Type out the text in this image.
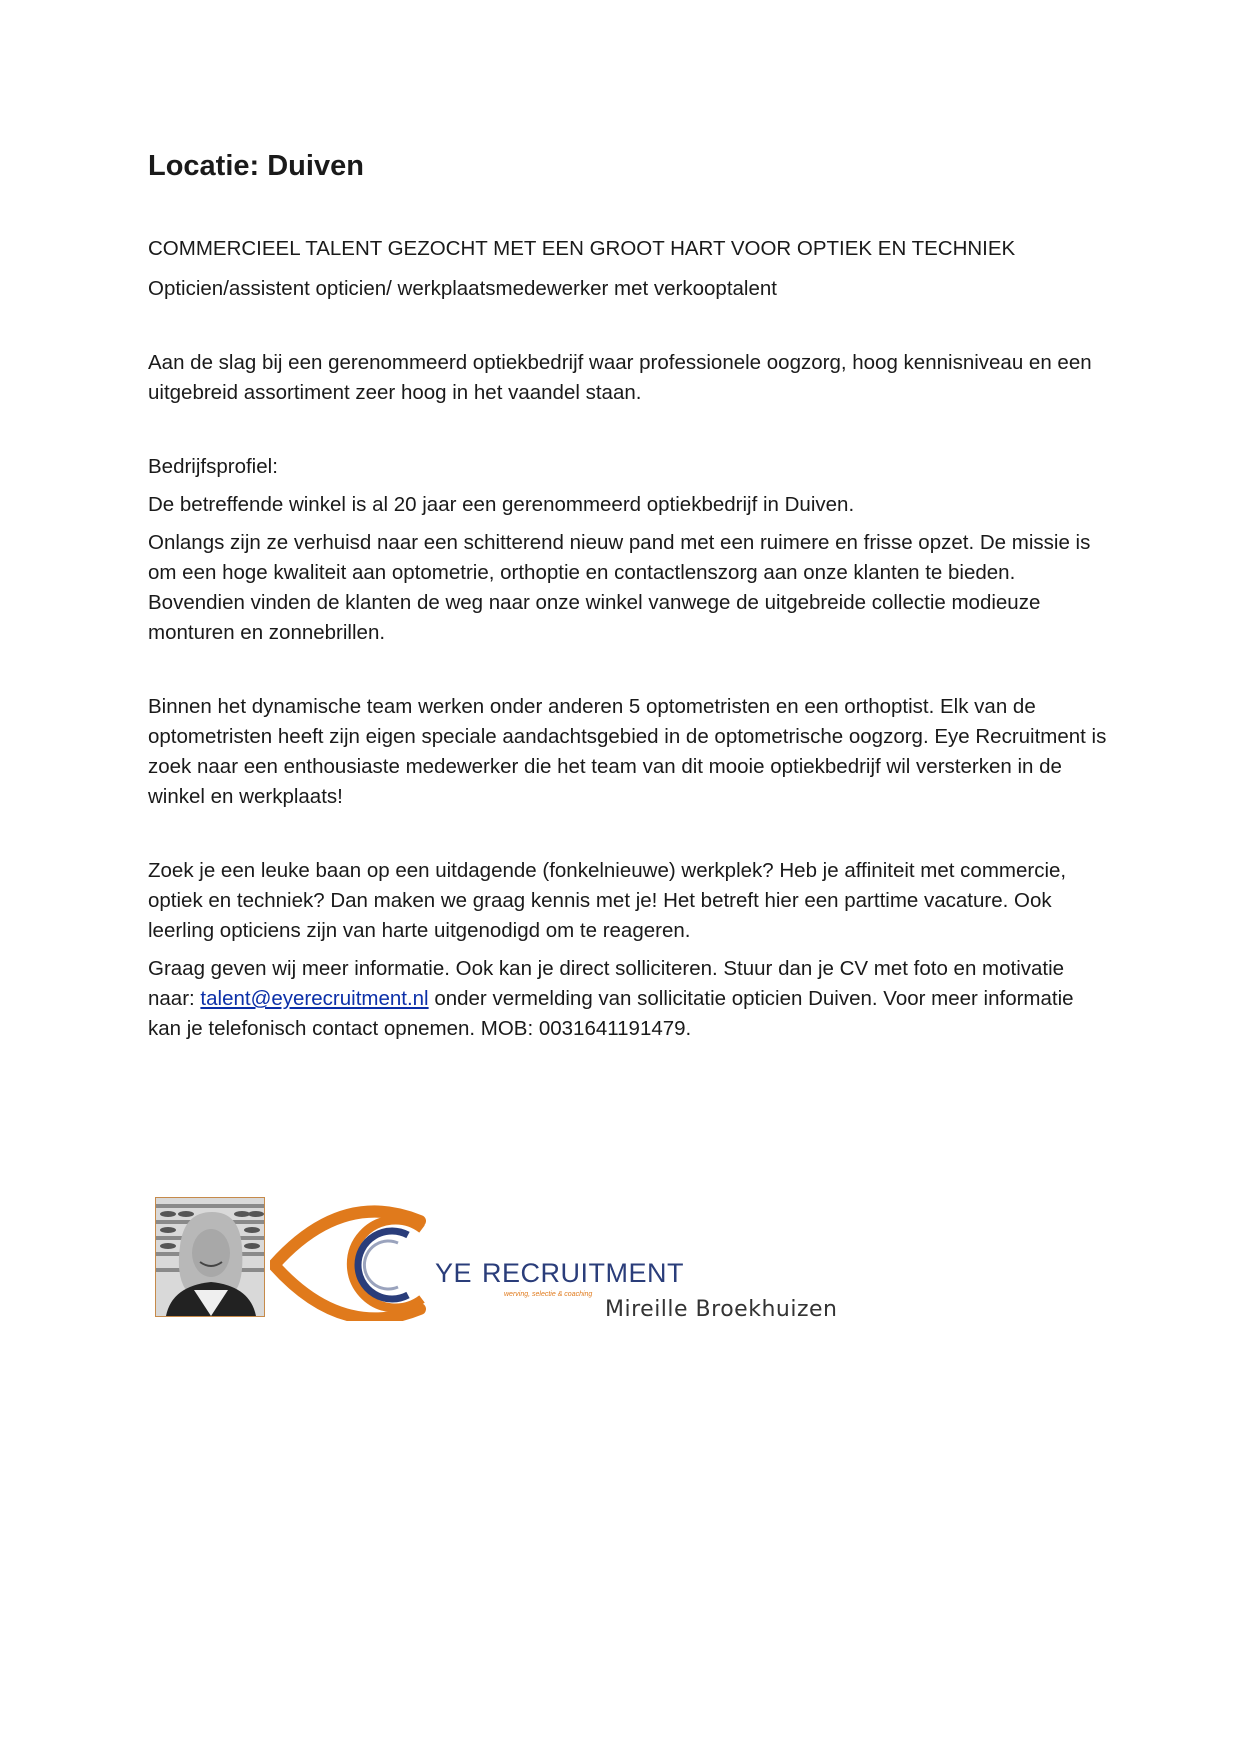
Locatie: Duiven

COMMERCIEEL TALENT GEZOCHT MET EEN GROOT HART VOOR OPTIEK EN TECHNIEK

Opticien/assistent opticien/ werkplaatsmedewerker met verkooptalent

Aan de slag bij een gerenommeerd optiekbedrijf waar professionele oogzorg, hoog kennisniveau en een uitgebreid assortiment zeer hoog in het vaandel staan.

Bedrijfsprofiel:

De betreffende winkel is al 20 jaar een gerenommeerd optiekbedrijf in Duiven.

Onlangs zijn ze verhuisd naar een schitterend nieuw pand met een ruimere en frisse opzet. De missie is om een hoge kwaliteit aan optometrie, orthoptie en contactlenszorg aan onze klanten te bieden. Bovendien vinden de klanten de weg naar onze winkel vanwege de uitgebreide collectie modieuze monturen en zonnebrillen.

Binnen het dynamische team werken onder anderen 5 optometristen en een orthoptist. Elk van de optometristen heeft zijn eigen speciale aandachtsgebied in de optometrische oogzorg. Eye Recruitment is zoek naar een enthousiaste medewerker die het team van dit mooie optiekbedrijf wil versterken in de winkel en werkplaats!

Zoek je een leuke baan op een uitdagende (fonkelnieuwe) werkplek? Heb je affiniteit met commercie, optiek en techniek? Dan maken we graag kennis met je! Het betreft hier een parttime vacature. Ook leerling opticiens zijn van harte uitgenodigd om te reageren.

Graag geven wij meer informatie. Ook kan je direct solliciteren. Stuur dan je CV met foto en motivatie naar: talent@eyerecruitment.nl onder vermelding van sollicitatie opticien Duiven. Voor meer informatie kan je telefonisch contact opnemen. MOB: 0031641191479.

YE RECRUITMENT
werving, selectie & coaching
Mireille Broekhuizen
